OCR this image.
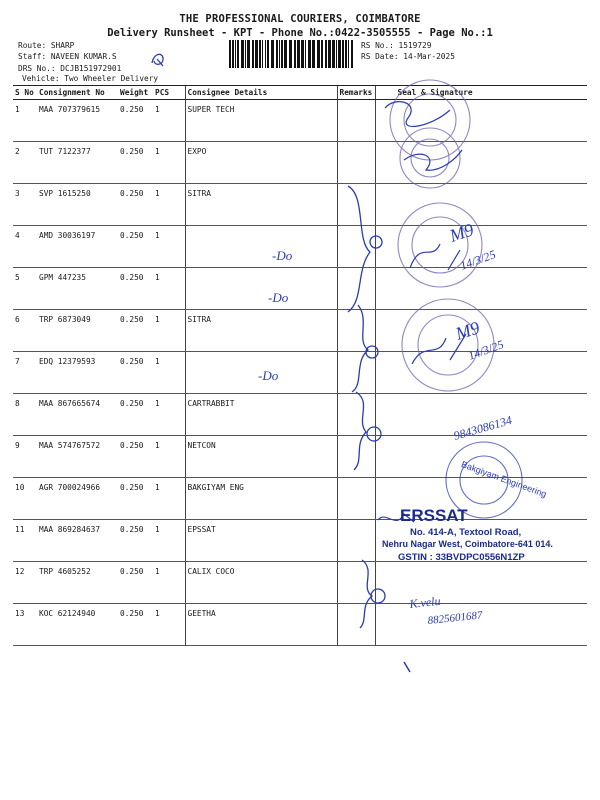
THE PROFESSIONAL COURIERS, COIMBATORE
Delivery Runsheet - KPT - Phone No.:0422-3505555 - Page No.:1
Route: SHARP
Staff: NAVEEN KUMAR.S
DRS No.: DCJB151972901
Vehicle: Two Wheeler Delivery
RS No.: 1519729
RS Date: 14-Mar-2025
S No	Consignment No	Weight	PCS	Consignee Details	Remarks	Seal & Signature
1	MAA 707379615	0.250	1	SUPER TECH		
2	TUT 7122377	0.250	1	EXPO		
3	SVP 1615250	0.250	1	SITRA		
4	AMD 30036197	0.250	1			
5	GPM 447235	0.250	1			
6	TRP 6873049	0.250	1	SITRA		
7	EDQ 12379593	0.250	1			
8	MAA 867665674	0.250	1	CARTRABBIT		
9	MAA 574767572	0.250	1	NETCON		
10	AGR 700024966	0.250	1	BAKGIYAM ENG		
11	MAA 869284637	0.250	1	EPSSAT		
12	TRP 4605252	0.250	1	CALIX COCO		
13	KOC 62124940	0.250	1	GEETHA		
-Do
-Do
-Do
M9
14/3/25
M9
14/3/25
9843086134
K.velu
8825601687
Bakgiyam Engineering
ERSSAT
No. 414-A, Textool Road,
Nehru Nagar West, Coimbatore-641 014.
GSTIN : 33BVDPC0556N1ZP
